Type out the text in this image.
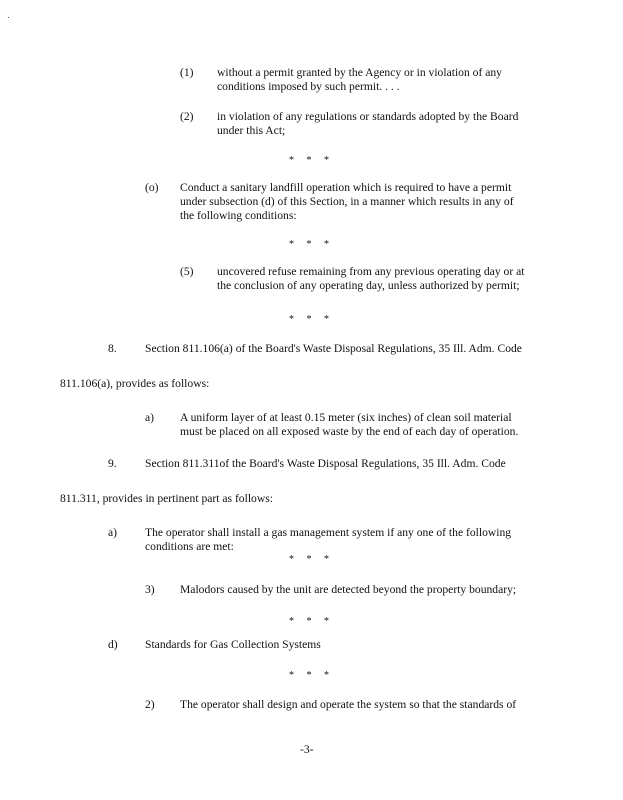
(1) without a permit granted by the Agency or in violation of any
conditions imposed by such permit. . . .
(2) in violation of any regulations or standards adopted by the Board
under this Act;
* * *
(o) Conduct a sanitary landfill operation which is required to have a permit
under subsection (d) of this Section, in a manner which results in any of
the following conditions:
* * *
(5) uncovered refuse remaining from any previous operating day or at
the conclusion of any operating day, unless authorized by permit;
* * *
8. Section 811.106(a) of the Board's Waste Disposal Regulations, 35 Ill. Adm. Code
811.106(a), provides as follows:
a) A uniform layer of at least 0.15 meter (six inches) of clean soil material
must be placed on all exposed waste by the end of each day of operation.
9. Section 811.311of the Board's Waste Disposal Regulations, 35 Ill. Adm. Code
811.311, provides in pertinent part as follows:
a) The operator shall install a gas management system if any one of the following
conditions are met:
* * *
3) Malodors caused by the unit are detected beyond the property boundary;
* * *
d) Standards for Gas Collection Systems
* * *
2) The operator shall design and operate the system so that the standards of
-3-
